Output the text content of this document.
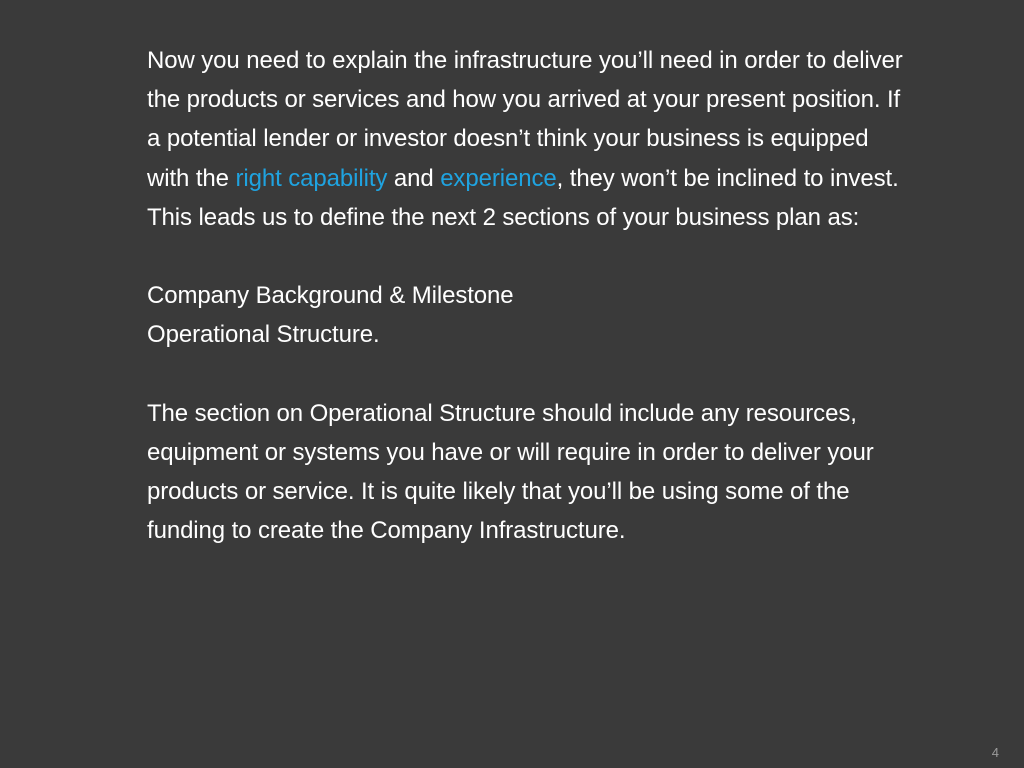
Now you need to explain the infrastructure you’ll need in order to deliver the products or services and how you arrived at your present position. If a potential lender or investor doesn’t think your business is equipped with the right capability and experience, they won’t be inclined to invest. This leads us to define the next 2 sections of your business plan as:

Company Background & Milestone

Operational Structure.

The section on Operational Structure should include any resources, equipment or systems you have or will require in order to deliver your products or service. It is quite likely that you’ll be using some of the funding to create the Company Infrastructure.

4
